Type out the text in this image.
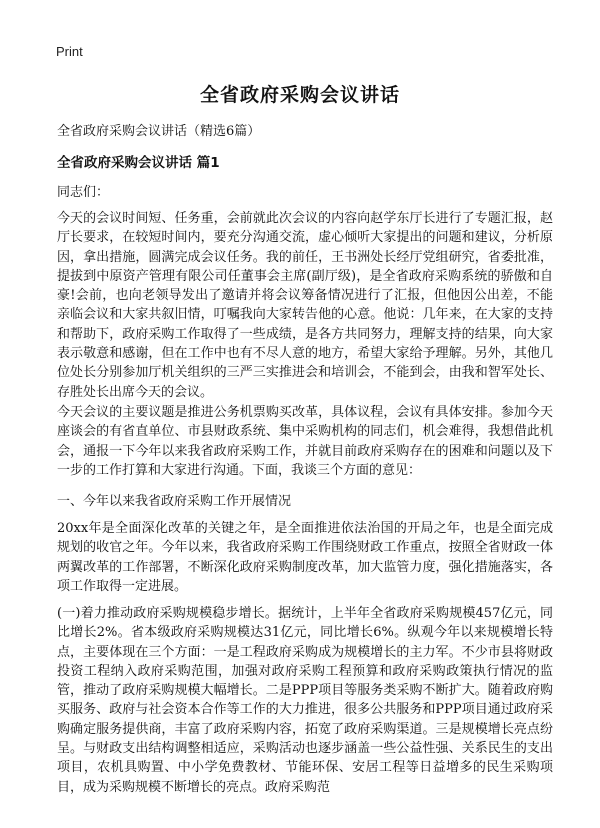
Print
全省政府采购会议讲话
全省政府采购会议讲话（精选6篇）
全省政府采购会议讲话 篇1
同志们：
今天的会议时间短、任务重，会前就此次会议的内容向赵学东厅长进行了专题汇报，赵厅长要求，在较短时间内，要充分沟通交流，虚心倾听大家提出的问题和建议，分析原因，拿出措施，圆满完成会议任务。我的前任，王书洲处长经厅党组研究，省委批准，提拔到中原资产管理有限公司任董事会主席(副厅级)，是全省政府采购系统的骄傲和自豪!会前，也向老领导发出了邀请并将会议筹备情况进行了汇报，但他因公出差，不能亲临会议和大家共叙旧情，叮嘱我向大家转告他的心意。他说：几年来，在大家的支持和帮助下，政府采购工作取得了一些成绩，是各方共同努力，理解支持的结果，向大家表示敬意和感谢，但在工作中也有不尽人意的地方，希望大家给予理解。另外，其他几位处长分别参加厅机关组织的三严三实推进会和培训会，不能到会，由我和智军处长、存胜处长出席今天的会议。
今天会议的主要议题是推进公务机票购买改革，具体议程，会议有具体安排。参加今天座谈会的有省直单位、市县财政系统、集中采购机构的同志们，机会难得，我想借此机会，通报一下今年以来我省政府采购工作，并就目前政府采购存在的困难和问题以及下一步的工作打算和大家进行沟通。下面，我谈三个方面的意见：
一、今年以来我省政府采购工作开展情况
20xx年是全面深化改革的关键之年，是全面推进依法治国的开局之年，也是全面完成规划的收官之年。今年以来，我省政府采购工作围绕财政工作重点，按照全省财政一体两翼改革的工作部署，不断深化政府采购制度改革，加大监管力度，强化措施落实，各项工作取得一定进展。
(一)着力推动政府采购规模稳步增长。据统计，上半年全省政府采购规模457亿元，同比增长2%。省本级政府采购规模达31亿元，同比增长6%。纵观今年以来规模增长特点，主要体现在三个方面：一是工程政府采购成为规模增长的主力军。不少市县将财政投资工程纳入政府采购范围，加强对政府采购工程预算和政府采购政策执行情况的监管，推动了政府采购规模大幅增长。二是PPP项目等服务类采购不断扩大。随着政府购买服务、政府与社会资本合作等工作的大力推进，很多公共服务和PPP项目通过政府采购确定服务提供商，丰富了政府采购内容，拓宽了政府采购渠道。三是规模增长亮点纷呈。与财政支出结构调整相适应，采购活动也逐步涵盖一些公益性强、关系民生的支出项目，农机具购置、中小学免费教材、节能环保、安居工程等日益增多的民生采购项目，成为采购规模不断增长的亮点。政府采购范
